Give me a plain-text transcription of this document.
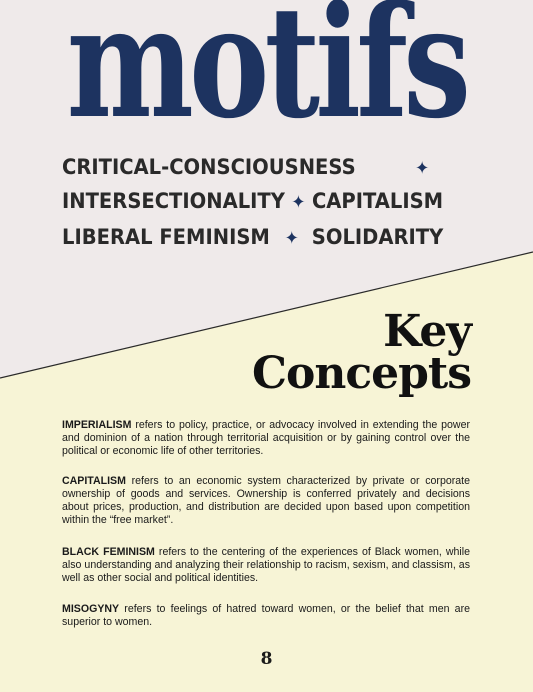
motifs
CRITICAL-CONSCIOUSNESS	✦
INTERSECTIONALITY ✦ CAPITALISM
LIBERAL FEMINISM ✦ SOLIDARITY
Key
Concepts

IMPERIALISM refers to policy, practice, or advocacy involved in extending the power and dominion of a nation through territorial acquisition or by gaining control over the political or economic life of other territories.

CAPITALISM refers to an economic system characterized by private or corporate ownership of goods and services. Ownership is conferred privately and decisions about prices, production, and distribution are decided upon based upon competition within the “free market”.

BLACK FEMINISM refers to the centering of the experiences of Black women, while also understanding and analyzing their relationship to racism, sexism, and classism, as well as other social and political identities.

MISOGYNY refers to feelings of hatred toward women, or the belief that men are superior to women.

8
